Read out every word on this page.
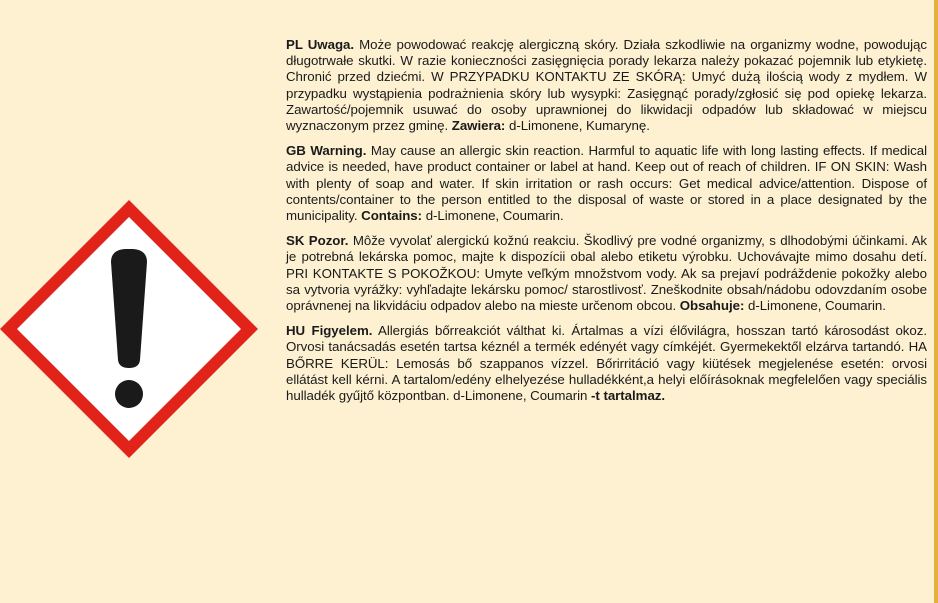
PL Uwaga. Może powodować reakcję alergiczną skóry. Działa szkodliwie na organizmy wodne, powodując długotrwałe skutki. W razie konieczności zasięgnięcia porady lekarza należy pokazać pojemnik lub etykietę. Chronić przed dziećmi. W PRZYPADKU KONTAKTU ZE SKÓRĄ: Umyć dużą ilością wody z mydłem. W przypadku wystąpienia podrażnienia skóry lub wysypki: Zasięgnąć porady/zgłosić się pod opiekę lekarza. Zawartość/pojemnik usuwać do osoby uprawnionej do likwidacji odpadów lub składować w miejscu wyznaczonym przez gminę. Zawiera: d-Limonene, Kumarynę.

GB Warning. May cause an allergic skin reaction. Harmful to aquatic life with long lasting effects. If medical advice is needed, have product container or label at hand. Keep out of reach of children. IF ON SKIN: Wash with plenty of soap and water. If skin irritation or rash occurs: Get medical advice/attention. Dispose of contents/container to the person entitled to the disposal of waste or stored in a place designated by the municipality. Contains: d-Limonene, Coumarin.

SK Pozor. Môže vyvolať alergickú kožnú reakciu. Škodlivý pre vodné organizmy, s dlhodobými účinkami. Ak je potrebná lekárska pomoc, majte k dispozícii obal alebo etiketu výrobku. Uchovávajte mimo dosahu detí. PRI KONTAKTE S POKOŽKOU: Umyte veľkým množstvom vody. Ak sa prejaví podráždenie pokožky alebo sa vytvoria vyrážky: vyhľadajte lekársku pomoc/ starostlivosť. Zneškodnite obsah/nádobu odovzdaním osobe oprávnenej na likvidáciu odpadov alebo na mieste určenom obcou. Obsahuje: d-Limonene, Coumarin.

HU Figyelem. Allergiás bőrreakciót válthat ki. Ártalmas a vízi élővilágra, hosszan tartó károsodást okoz. Orvosi tanácsadás esetén tartsa kéznél a termék edényét vagy címkéjét. Gyermekektől elzárva tartandó. HA BŐRRE KERÜL: Lemosás bő szappanos vízzel. Bőrirritáció vagy kiütések megjelenése esetén: orvosi ellátást kell kérni. A tartalom/edény elhelyezése hulladékként,a helyi előírásoknak megfelelően vagy speciális hulladék gyűjtő központban. d-Limonene, Coumarin -t tartalmaz.
